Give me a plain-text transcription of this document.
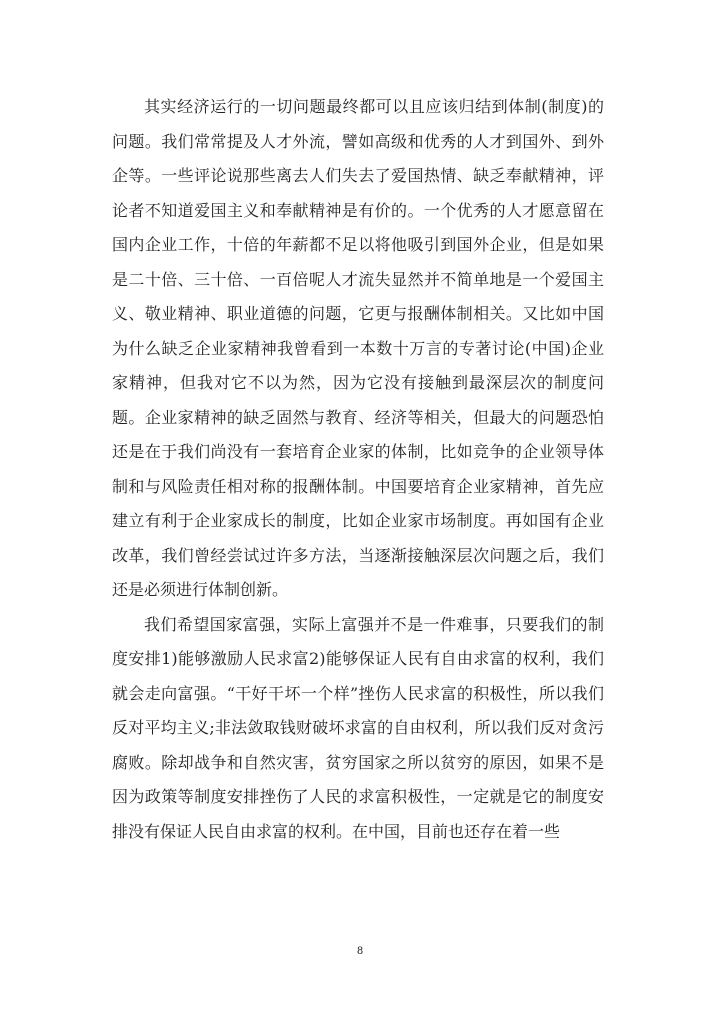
其实经济运行的一切问题最终都可以且应该归结到体制(制度)的问题。我们常常提及人才外流，譬如高级和优秀的人才到国外、到外企等。一些评论说那些离去人们失去了爱国热情、缺乏奉献精神，评论者不知道爱国主义和奉献精神是有价的。一个优秀的人才愿意留在国内企业工作，十倍的年薪都不足以将他吸引到国外企业，但是如果是二十倍、三十倍、一百倍呢人才流失显然并不简单地是一个爱国主义、敬业精神、职业道德的问题，它更与报酬体制相关。又比如中国为什么缺乏企业家精神我曾看到一本数十万言的专著讨论(中国)企业家精神，但我对它不以为然，因为它没有接触到最深层次的制度问题。企业家精神的缺乏固然与教育、经济等相关，但最大的问题恐怕还是在于我们尚没有一套培育企业家的体制，比如竞争的企业领导体制和与风险责任相对称的报酬体制。中国要培育企业家精神，首先应建立有利于企业家成长的制度，比如企业家市场制度。再如国有企业改革，我们曾经尝试过许多方法，当逐渐接触深层次问题之后，我们还是必须进行体制创新。

我们希望国家富强，实际上富强并不是一件难事，只要我们的制度安排1)能够激励人民求富2)能够保证人民有自由求富的权利，我们就会走向富强。“干好干坏一个样”挫伤人民求富的积极性，所以我们反对平均主义;非法敛取钱财破坏求富的自由权利，所以我们反对贪污腐败。除却战争和自然灾害，贫穷国家之所以贫穷的原因，如果不是因为政策等制度安排挫伤了人民的求富积极性，一定就是它的制度安排没有保证人民自由求富的权利。在中国，目前也还存在着一些

8
